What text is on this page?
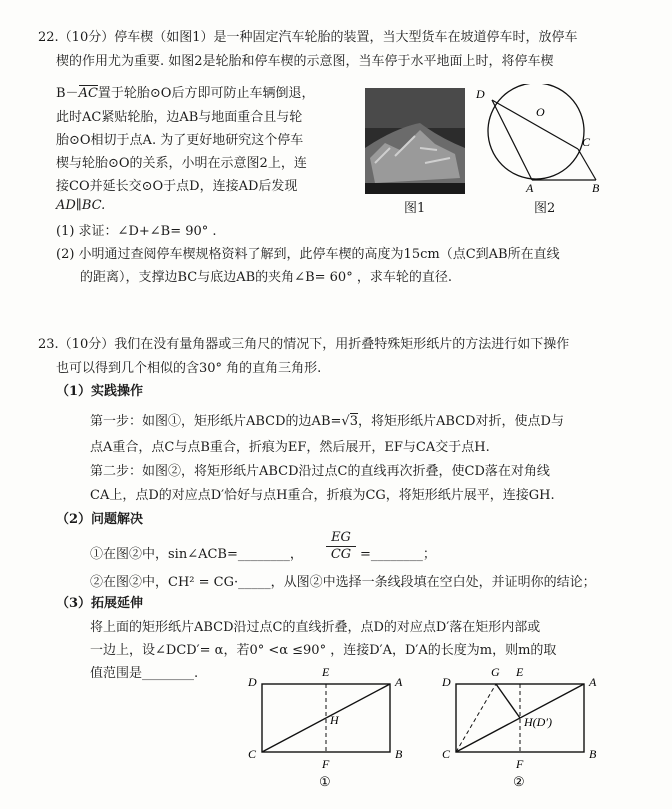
22.（10分）停车楔（如图1）是一种固定汽车轮胎的装置，当大型货车在坡道停车时，放停车
楔的作用尤为重要. 如图2是轮胎和停车楔的示意图，当车停于水平地面上时，将停车楔
B－AC置于轮胎⊙O后方即可防止车辆倒退，
此时AC紧贴轮胎，边AB与地面重合且与轮
胎⊙O相切于点A. 为了更好地研究这个停车
楔与轮胎⊙O的关系，小明在示意图2上，连
接CO并延长交⊙O于点D，连接AD后发现
AD∥BC.	图1
D
O
C
A	B
图2
(1) 求证：∠D+∠B= 90° .
(2) 小明通过查阅停车楔规格资料了解到，此停车楔的高度为15cm（点C到AB所在直线
的距离），支撑边BC与底边AB的夹角∠B= 60° ，求车轮的直径.
23.（10分）我们在没有量角器或三角尺的情况下，用折叠特殊矩形纸片的方法进行如下操作
也可以得到几个相似的含30° 角的直角三角形.
（1）实践操作
第一步：如图①，矩形纸片ABCD的边AB=√3，将矩形纸片ABCD对折，使点D与
点A重合，点C与点B重合，折痕为EF，然后展开，EF与CA交于点H.
第二步：如图②，将矩形纸片ABCD沿过点C的直线再次折叠，使CD落在对角线
CA上，点D的对应点D′恰好与点H重合，折痕为CG，将矩形纸片展平，连接GH.
（2）问题解决
①在图②中，sin∠ACB=________， $\frac{EG}{CG}$ =________；
②在图②中，CH² = CG·_____，从图②中选择一条线段填在空白处，并证明你的结论；
（3）拓展延伸
将上面的矩形纸片ABCD沿过点C的直线折叠，点D的对应点D′落在矩形内部或
一边上，设∠DCD′= α，若0° <α ≤90° ，连接D′A，D′A的长度为m，则m的取
值范围是________.
D
E
A
H
C
F
B
①
D
G E
A
H(D′)
C
F
B
②
